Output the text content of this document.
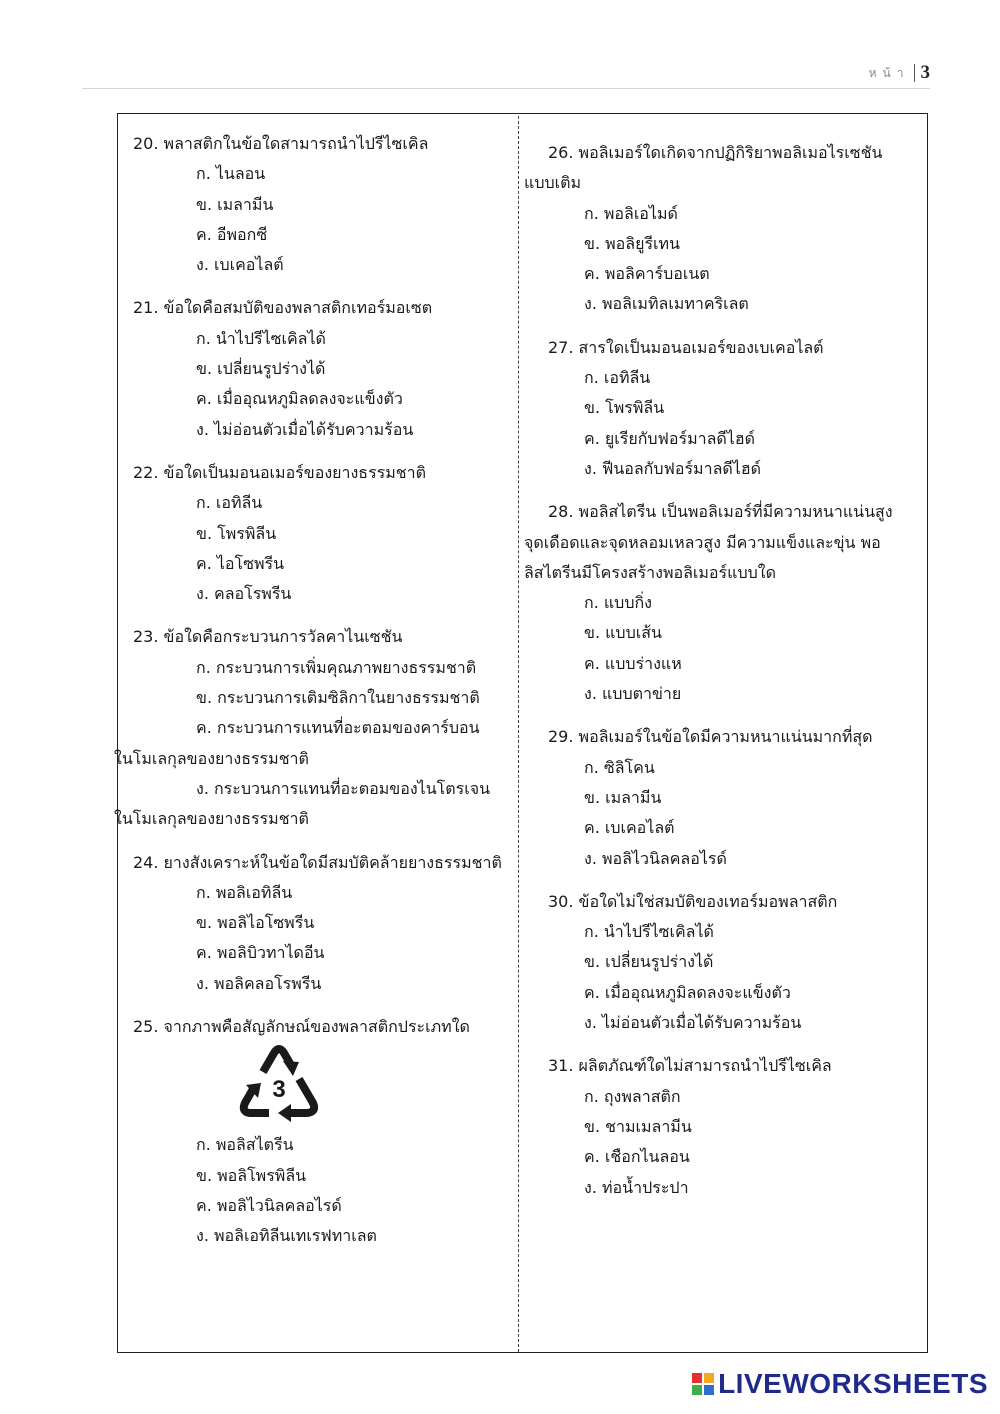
หน้า 3
20. พลาสติกในข้อใดสามารถนำไปรีไซเคิล
ก. ไนลอน
ข. เมลามีน
ค. อีพอกซี
ง. เบเคอไลต์
21. ข้อใดคือสมบัติของพลาสติกเทอร์มอเซต
ก. นำไปรีไซเคิลได้
ข. เปลี่ยนรูปร่างได้
ค. เมื่ออุณหภูมิลดลงจะแข็งตัว
ง. ไม่อ่อนตัวเมื่อได้รับความร้อน
22. ข้อใดเป็นมอนอเมอร์ของยางธรรมชาติ
ก. เอทิลีน
ข. โพรพิลีน
ค. ไอโซพรีน
ง. คลอโรพรีน
23. ข้อใดคือกระบวนการวัลคาไนเซชัน
ก. กระบวนการเพิ่มคุณภาพยางธรรมชาติ
ข. กระบวนการเติมซิลิกาในยางธรรมชาติ
ค. กระบวนการแทนที่อะตอมของคาร์บอน
ในโมเลกุลของยางธรรมชาติ
ง. กระบวนการแทนที่อะตอมของไนโตรเจน
ในโมเลกุลของยางธรรมชาติ
24. ยางสังเคราะห์ในข้อใดมีสมบัติคล้ายยางธรรมชาติ
ก. พอลิเอทิลีน
ข. พอลิไอโซพรีน
ค. พอลิบิวทาไดอีน
ง. พอลิคลอโรพรีน
25. จากภาพคือสัญลักษณ์ของพลาสติกประเภทใด
3
ก. พอลิสไตรีน
ข. พอลิโพรพิลีน
ค. พอลิไวนิลคลอไรด์
ง. พอลิเอทิลีนเทเรฟทาเลต
26. พอลิเมอร์ใดเกิดจากปฏิกิริยาพอลิเมอไรเซชัน
แบบเติม
ก. พอลิเอไมด์
ข. พอลิยูรีเทน
ค. พอลิคาร์บอเนต
ง. พอลิเมทิลเมทาคริเลต
27. สารใดเป็นมอนอเมอร์ของเบเคอไลต์
ก. เอทิลีน
ข. โพรพิลีน
ค. ยูเรียกับฟอร์มาลดีไฮด์
ง. ฟีนอลกับฟอร์มาลดีไฮด์
28. พอลิสไตรีน เป็นพอลิเมอร์ที่มีความหนาแน่นสูง
จุดเดือดและจุดหลอมเหลวสูง มีความแข็งและขุ่น พอ
ลิสไตรีนมีโครงสร้างพอลิเมอร์แบบใด
ก. แบบกิ่ง
ข. แบบเส้น
ค. แบบร่างแห
ง. แบบตาข่าย
29. พอลิเมอร์ในข้อใดมีความหนาแน่นมากที่สุด
ก. ซิลิโคน
ข. เมลามีน
ค. เบเคอไลต์
ง. พอลิไวนิลคลอไรด์
30. ข้อใดไม่ใช่สมบัติของเทอร์มอพลาสติก
ก. นำไปรีไซเคิลได้
ข. เปลี่ยนรูปร่างได้
ค. เมื่ออุณหภูมิลดลงจะแข็งตัว
ง. ไม่อ่อนตัวเมื่อได้รับความร้อน
31. ผลิตภัณฑ์ใดไม่สามารถนำไปรีไซเคิล
ก. ถุงพลาสติก
ข. ชามเมลามีน
ค. เชือกไนลอน
ง. ท่อน้ำประปา
LIVEWORKSHEETS
